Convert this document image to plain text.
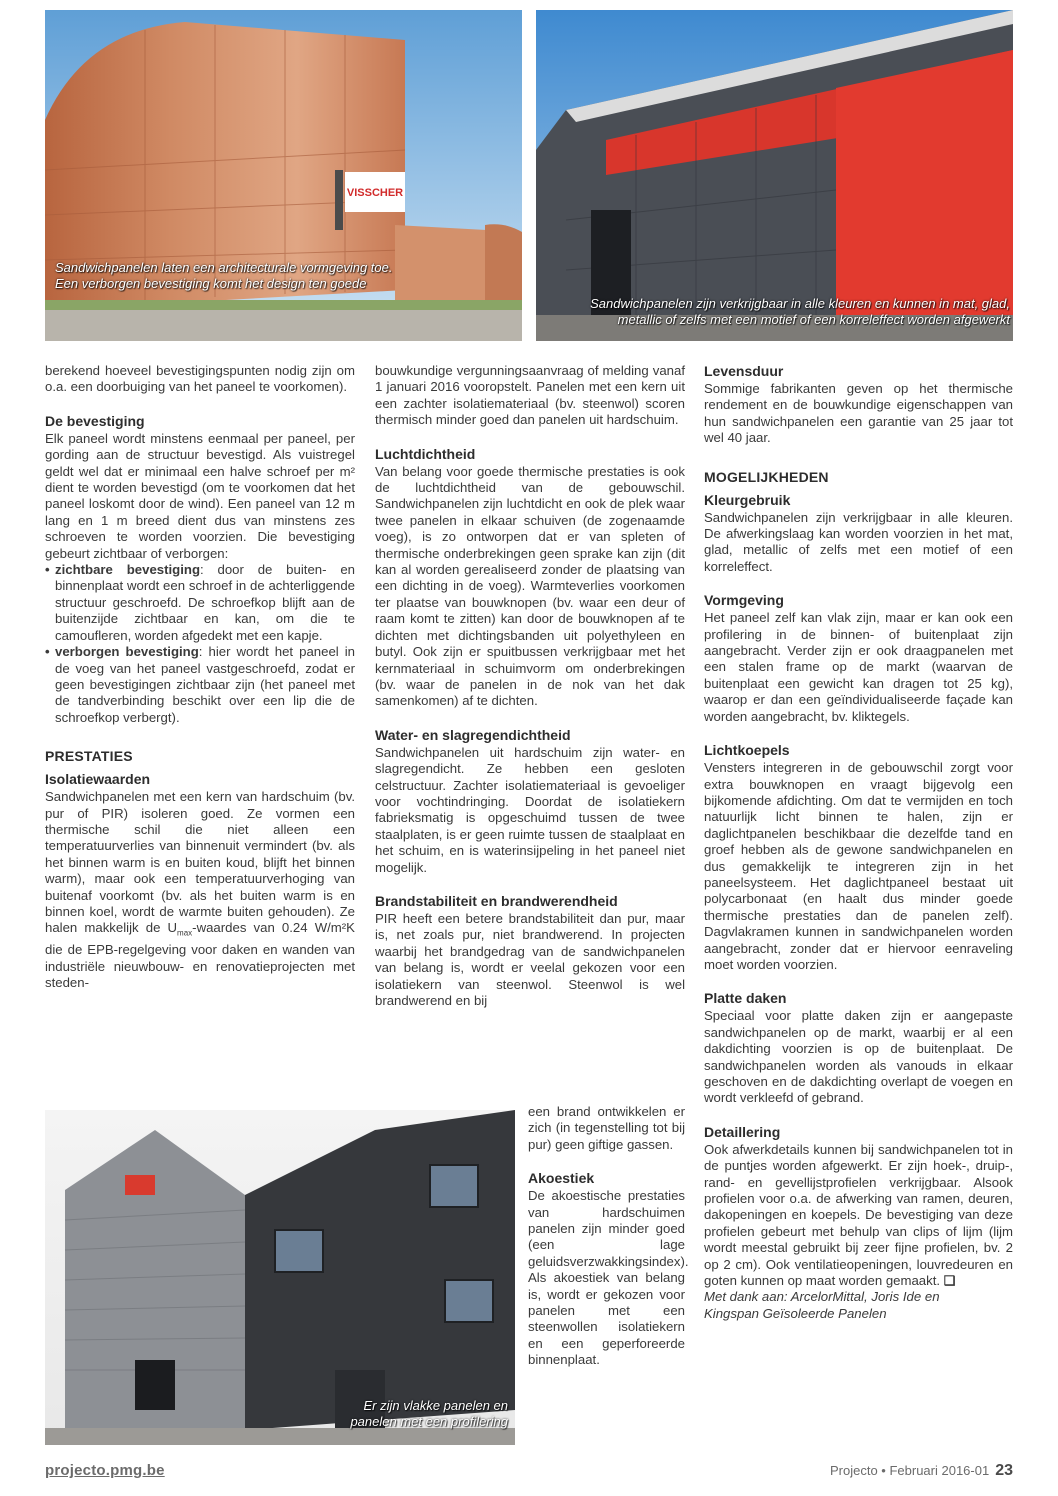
VISSCHER
Sandwichpanelen laten een architecturale vormgeving toe.
Een verborgen bevestiging komt het design ten goede
Sandwichpanelen zijn verkrijgbaar in alle kleuren en kunnen in mat, glad,
metallic of zelfs met een motief of een korreleffect worden afgewerkt

berekend hoeveel bevestigingspunten nodig zijn om o.a. een doorbuiging van het paneel te voorkomen).

De bevestiging

Elk paneel wordt minstens eenmaal per paneel, per gording aan de structuur bevestigd. Als vuistregel geldt wel dat er minimaal een halve schroef per m² dient te worden bevestigd (om te voorkomen dat het paneel loskomt door de wind). Een paneel van 12 m lang en 1 m breed dient dus van minstens zes schroeven te worden voorzien. Die bevestiging gebeurt zichtbaar of verborgen:

• zichtbare bevestiging: door de buiten- en binnenplaat wordt een schroef in de achterliggende structuur geschroefd. De schroefkop blijft aan de buitenzijde zichtbaar en kan, om die te camoufleren, worden afgedekt met een kapje.
• verborgen bevestiging: hier wordt het paneel in de voeg van het paneel vastgeschroefd, zodat er geen bevestigingen zichtbaar zijn (het paneel met de tandverbinding beschikt over een lip die de schroefkop verbergt).
PRESTATIES
Isolatiewaarden

Sandwichpanelen met een kern van hardschuim (bv. pur of PIR) isoleren goed. Ze vormen een thermische schil die niet alleen een temperatuurverlies van binnenuit vermindert (bv. als het binnen warm is en buiten koud, blijft het binnen warm), maar ook een temperatuurverhoging van buitenaf voorkomt (bv. als het buiten warm is en binnen koel, wordt de warmte buiten gehouden). Ze halen makkelijk de $U_{max}$-waardes van 0.24 W/m²K die de EPB-regelgeving voor daken en wanden van industriële nieuwbouw- en renovatieprojecten met steden-

bouwkundige vergunningsaanvraag of melding vanaf 1 januari 2016 vooropstelt. Panelen met een kern uit een zachter isolatiemateriaal (bv. steenwol) scoren thermisch minder goed dan panelen uit hardschuim.

Luchtdichtheid

Van belang voor goede thermische prestaties is ook de luchtdichtheid van de gebouwschil. Sandwichpanelen zijn luchtdicht en ook de plek waar twee panelen in elkaar schuiven (de zogenaamde voeg), is zo ontworpen dat er van spleten of thermische onderbrekingen geen sprake kan zijn (dit kan al worden gerealiseerd zonder de plaatsing van een dichting in de voeg). Warmteverlies voorkomen ter plaatse van bouwknopen (bv. waar een deur of raam komt te zitten) kan door de bouwknopen af te dichten met dichtingsbanden uit polyethyleen en butyl. Ook zijn er spuitbussen verkrijgbaar met het kernmateriaal in schuimvorm om onderbrekingen (bv. waar de panelen in de nok van het dak samenkomen) af te dichten.

Water- en slagregendichtheid

Sandwichpanelen uit hardschuim zijn water- en slagregendicht. Ze hebben een gesloten celstructuur. Zachter isolatiemateriaal is gevoeliger voor vochtindringing. Doordat de isolatiekern fabrieksmatig is opgeschuimd tussen de twee staalplaten, is er geen ruimte tussen de staalplaat en het schuim, en is waterinsijpeling in het paneel niet mogelijk.

Brandstabiliteit en brandwerendheid

PIR heeft een betere brandstabiliteit dan pur, maar is, net zoals pur, niet brandwerend. In projecten waarbij het brandgedrag van de sandwichpanelen van belang is, wordt er veelal gekozen voor een isolatiekern van steenwol. Steenwol is wel brandwerend en bij

een brand ontwikkelen er zich (in tegenstelling tot bij pur) geen giftige gassen.

Akoestiek

De akoestische prestaties van hardschuimen panelen zijn minder goed (een lage geluidsverzwakkingsindex).

Als akoestiek van belang is, wordt er gekozen voor panelen met een steenwollen isolatiekern en een geperforeerde binnenplaat.

Levensduur

Sommige fabrikanten geven op het thermische rendement en de bouwkundige eigenschappen van hun sandwichpanelen een garantie van 25 jaar tot wel 40 jaar.

MOGELIJKHEDEN
Kleurgebruik

Sandwichpanelen zijn verkrijgbaar in alle kleuren. De afwerkingslaag kan worden voorzien in het mat, glad, metallic of zelfs met een motief of een korreleffect.

Vormgeving

Het paneel zelf kan vlak zijn, maar er kan ook een profilering in de binnen- of buitenplaat zijn aangebracht. Verder zijn er ook draagpanelen met een stalen frame op de markt (waarvan de buitenplaat een gewicht kan dragen tot 25 kg), waarop er dan een geïndividualiseerde façade kan worden aangebracht, bv. kliktegels.

Lichtkoepels

Vensters integreren in de gebouwschil zorgt voor extra bouwknopen en vraagt bijgevolg een bijkomende afdichting. Om dat te vermijden en toch natuurlijk licht binnen te halen, zijn er daglichtpanelen beschikbaar die dezelfde tand en groef hebben als de gewone sandwichpanelen en dus gemakkelijk te integreren zijn in het paneelsysteem. Het daglichtpaneel bestaat uit polycarbonaat (en haalt dus minder goede thermische prestaties dan de panelen zelf). Dagvlakramen kunnen in sandwichpanelen worden aangebracht, zonder dat er hiervoor eenraveling moet worden voorzien.

Platte daken

Speciaal voor platte daken zijn er aangepaste sandwichpanelen op de markt, waarbij er al een dakdichting voorzien is op de buitenplaat. De sandwichpanelen worden als vanouds in elkaar geschoven en de dakdichting overlapt de voegen en wordt verkleefd of gebrand.

Detaillering

Ook afwerkdetails kunnen bij sandwichpanelen tot in de puntjes worden afgewerkt. Er zijn hoek-, druip-, rand- en gevellijstprofielen verkrijgbaar. Alsook profielen voor o.a. de afwerking van ramen, deuren, dakopeningen en koepels. De bevestiging van deze profielen gebeurt met behulp van clips of lijm (lijm wordt meestal gebruikt bij zeer fijne profielen, bv. 2 op 2 cm). Ook ventilatieopeningen, louvredeuren en goten kunnen op maat worden gemaakt. ❑

Met dank aan: ArcelorMittal, Joris Ide en
Kingspan Geïsoleerde Panelen

Er zijn vlakke panelen en
panelen met een profilering
projecto.pmg.be	Projecto • Februari 2016-01 23
